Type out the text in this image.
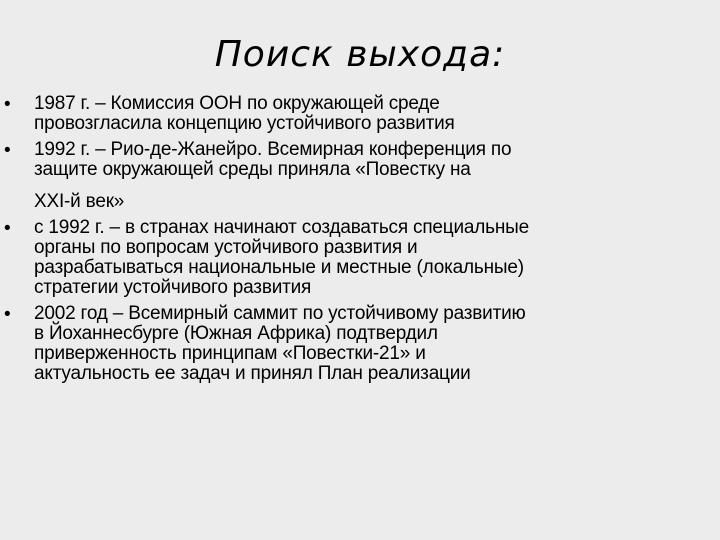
Поиск выхода:
• 1987 г. – Комиссия ООН по окружающей среде
провозгласила концепцию устойчивого развития
• 1992 г. – Рио-де-Жанейро. Всемирная конференция по
защите окружающей среды приняла «Повестку на
XXI-й век»
• с 1992 г. – в странах начинают создаваться специальные
органы по вопросам устойчивого развития и
разрабатываться национальные и местные (локальные)
стратегии устойчивого развития
• 2002 год – Всемирный саммит по устойчивому развитию
в Йоханнесбурге (Южная Африка) подтвердил
приверженность принципам «Повестки-21» и
актуальность ее задач и принял План реализации
